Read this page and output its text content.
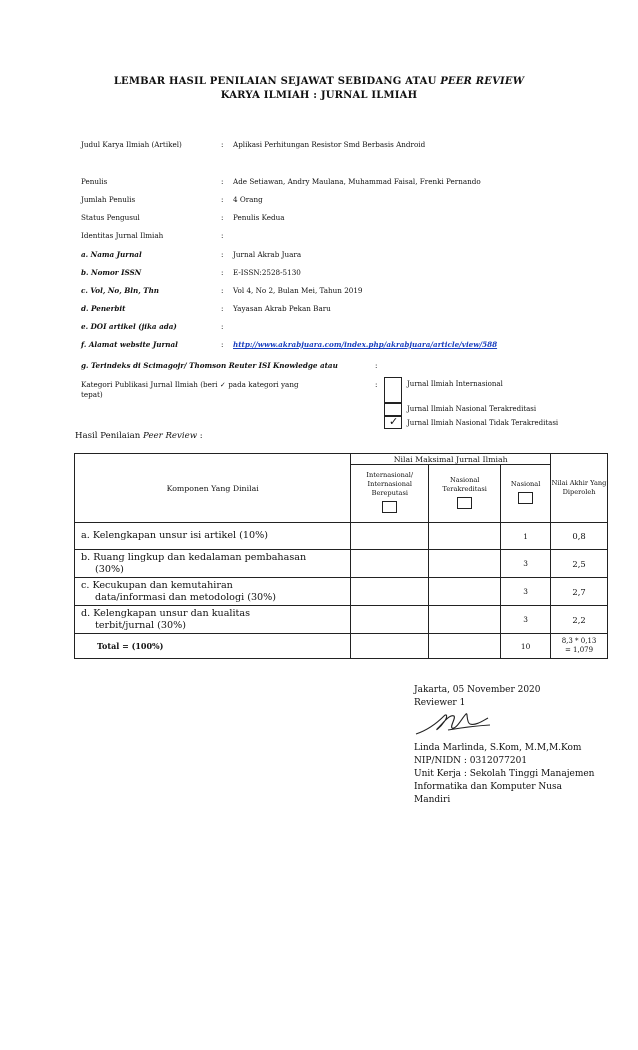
LEMBAR HASIL PENILAIAN SEJAWAT SEBIDANG ATAU PEER REVIEW
KARYA ILMIAH : JURNAL ILMIAH
Judul Karya Ilmiah (Artikel)	: Aplikasi Perhitungan Resistor Smd Berbasis Android
Penulis	: Ade Setiawan, Andry Maulana, Muhammad Faisal, Frenki Pernando
Jumlah Penulis	: 4 Orang
Status Pengusul	: Penulis Kedua
Identitas Jurnal Ilmiah	:
a. Nama Jurnal	: Jurnal Akrab Juara
b. Nomor ISSN	: E-ISSN:2528-5130
c. Vol, No, Bln, Thn	: Vol 4, No 2, Bulan Mei, Tahun 2019
d. Penerbit	: Yayasan Akrab Pekan Baru
e. DOI artikel (jika ada)	:
f. Alamat website Jurnal	: http://www.akrabjuara.com/index.php/akrabjuara/article/view/588
g. Terindeks di Scimagojr/ Thomson Reuter ISI Knowledge atau	:
Kategori Publikasi Jurnal Ilmiah (beri ✓ pada kategori yang
tepat)
:	Jurnal Ilmiah Internasional
Jurnal Ilmiah Nasional Terakreditasi
✓ Jurnal Ilmiah Nasional Tidak Terakreditasi
Hasil Penilaian Peer Review :
Komponen Yang Dinilai	Nilai Maksimal Jurnal Ilmiah			Nilai Akhir Yang Diperoleh

	Internasional/ Internasional Bereputasi	Nasional Terakreditasi	Nasional	

a. Kelengkapan unsur isi artikel (10%)			1	0,8

b. Ruang lingkup dan kedalaman pembahasan
(30%)			3	2,5

c. Kecukupan dan kemutahiran
data/informasi dan metodologi (30%)			3	2,7

d. Kelengkapan unsur dan kualitas
terbit/jurnal (30%)			3	2,2
Total = (100%)			10	8,3 * 0,13
= 1,079
Jakarta, 05 November 2020
Reviewer 1
Linda Marlinda, S.Kom, M.M,M.Kom
NIP/NIDN : 0312077201
Unit Kerja : Sekolah Tinggi Manajemen
Informatika dan Komputer Nusa
Mandiri
